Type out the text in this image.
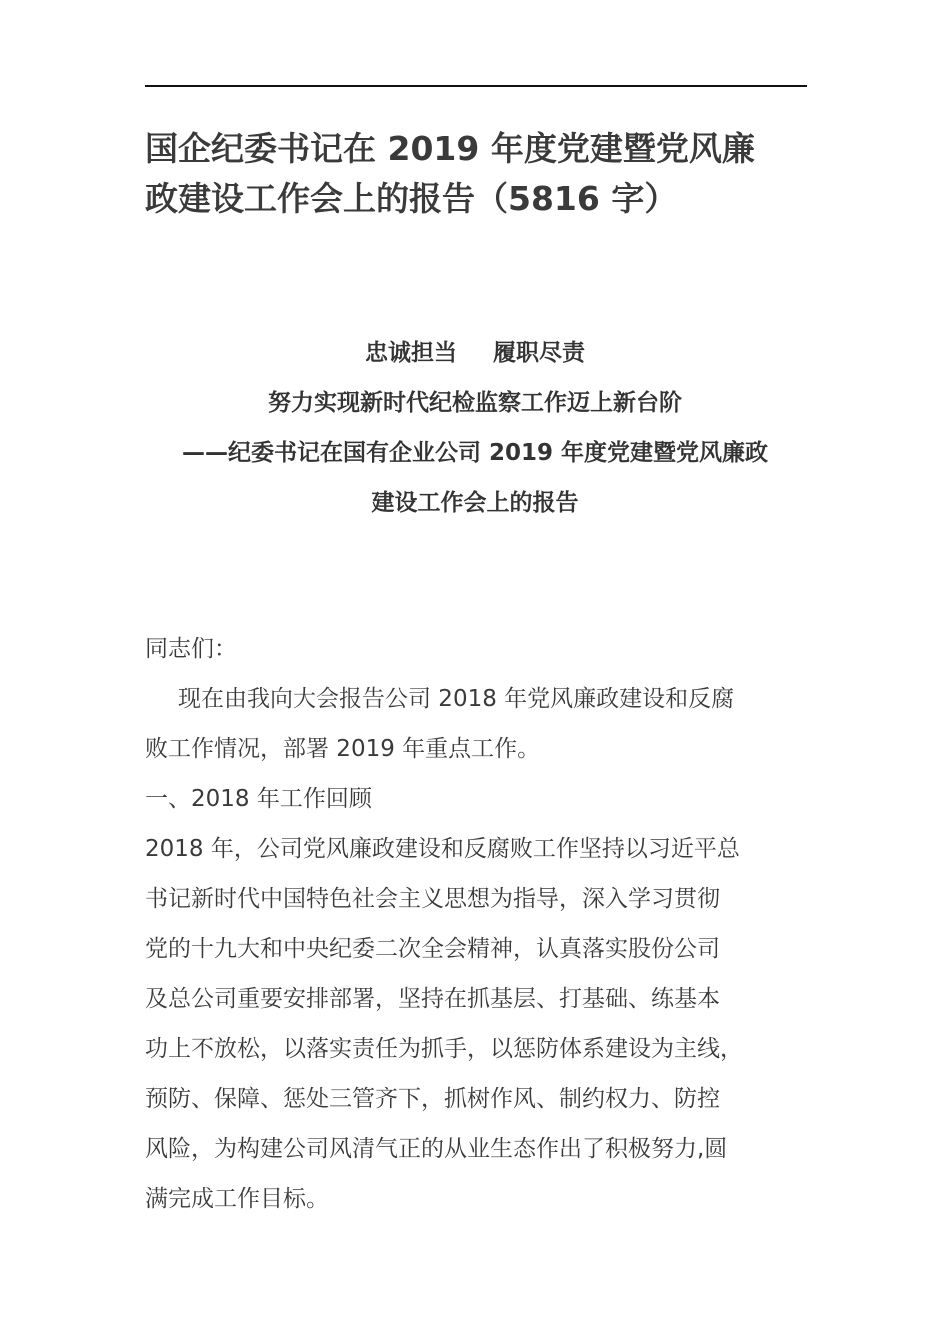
国企纪委书记在 2019 年度党建暨党风廉
政建设工作会上的报告（5816 字）
忠诚担当 履职尽责
努力实现新时代纪检监察工作迈上新台阶
——纪委书记在国有企业公司 2019 年度党建暨党风廉政
建设工作会上的报告
同志们：
现在由我向大会报告公司 2018 年党风廉政建设和反腐
败工作情况，部署 2019 年重点工作。
一、2018 年工作回顾
2018 年，公司党风廉政建设和反腐败工作坚持以习近平总
书记新时代中国特色社会主义思想为指导，深入学习贯彻
党的十九大和中央纪委二次全会精神，认真落实股份公司
及总公司重要安排部署，坚持在抓基层、打基础、练基本
功上不放松，以落实责任为抓手，以惩防体系建设为主线，
预防、保障、惩处三管齐下，抓树作风、制约权力、防控
风险，为构建公司风清气正的从业生态作出了积极努力,圆
满完成工作目标。
